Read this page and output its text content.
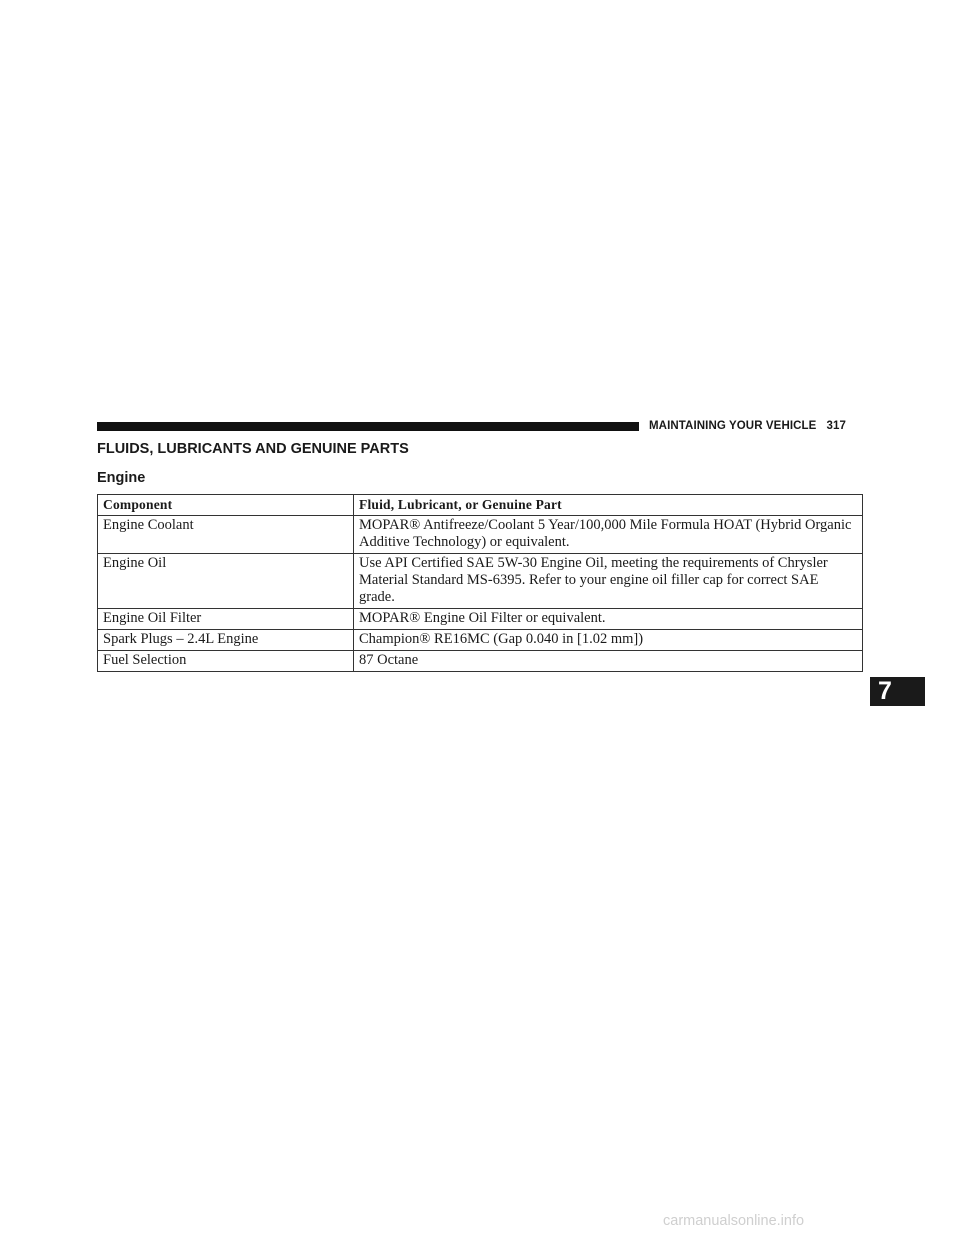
MAINTAINING YOUR VEHICLE 317
FLUIDS, LUBRICANTS AND GENUINE PARTS
Engine
Component	Fluid, Lubricant, or Genuine Part
Engine Coolant	MOPAR® Antifreeze/Coolant 5 Year/100,000 Mile Formula HOAT (Hybrid Organic Additive Technology) or equivalent.
Engine Oil	Use API Certified SAE 5W-30 Engine Oil, meeting the requirements of Chrysler Material Standard MS-6395. Refer to your engine oil filler cap for correct SAE grade.
Engine Oil Filter	MOPAR® Engine Oil Filter or equivalent.
Spark Plugs – 2.4L Engine	Champion® RE16MC (Gap 0.040 in [1.02 mm])
Fuel Selection	87 Octane
7
carmanualsonline.info
